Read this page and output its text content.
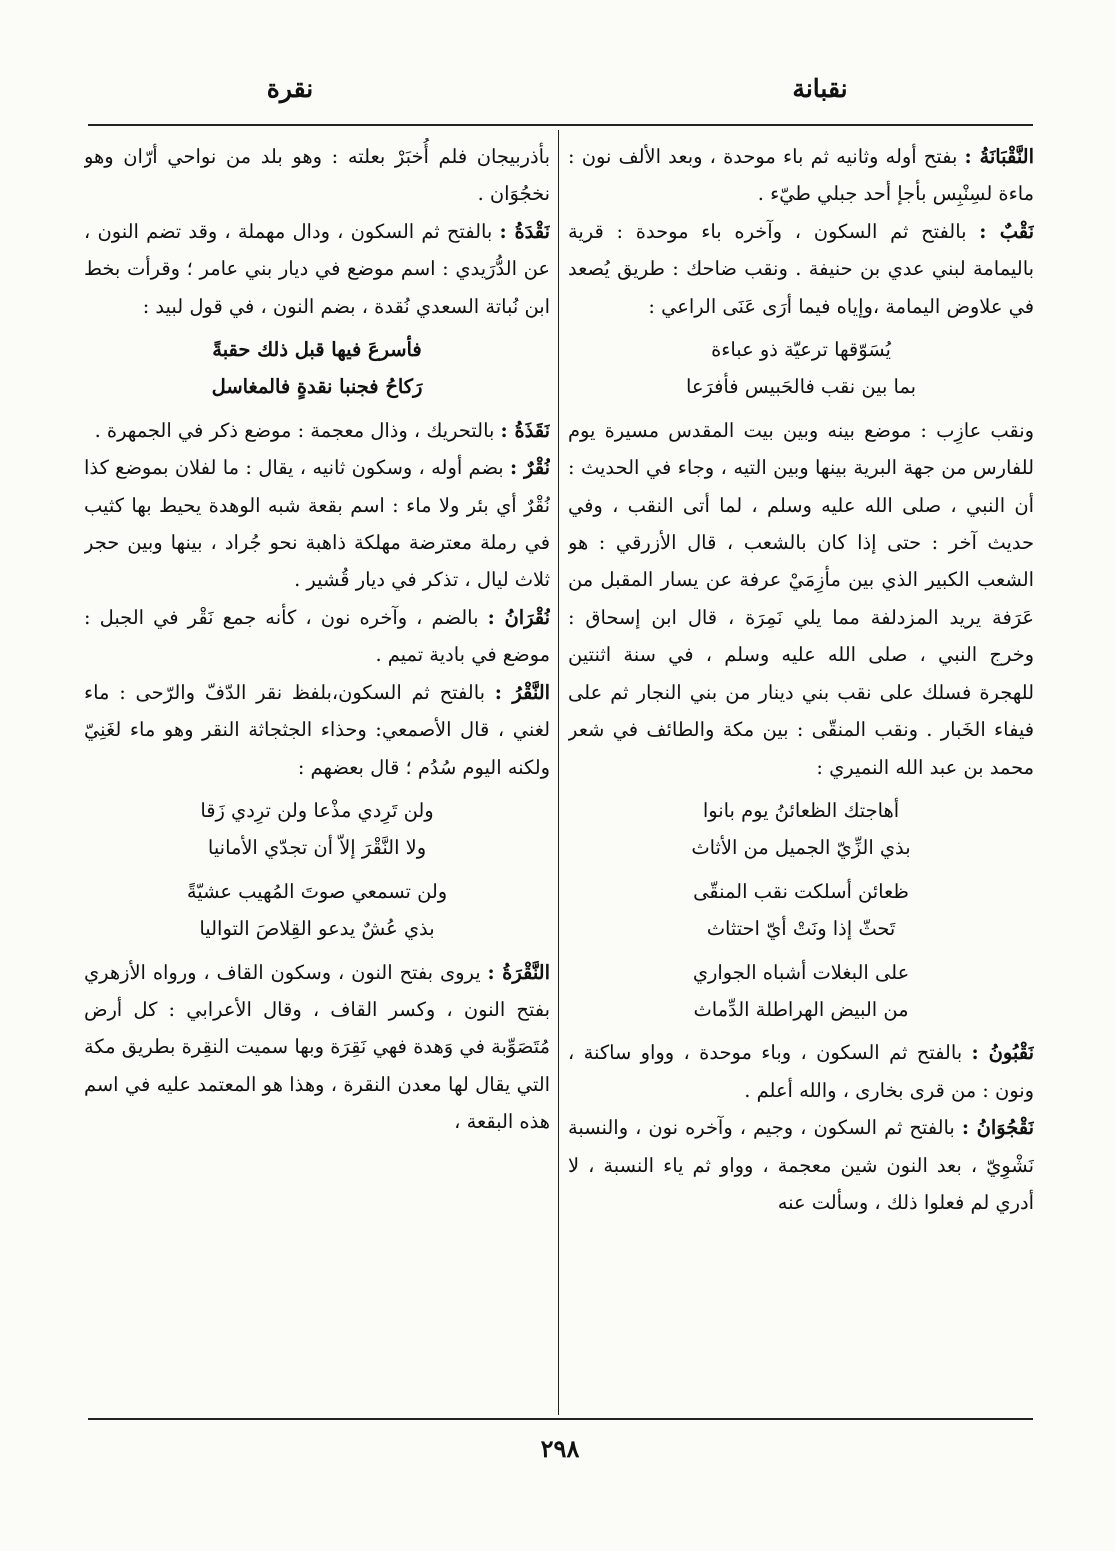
نقبانة
نقرة

النَّقْبَانَةُ : بفتح أوله وثانيه ثم باء موحدة ، وبعد الألف نون : ماءة لسِنْبِس بأجإ أحد جبلي طيّء .

نَقْبٌ : بالفتح ثم السكون ، وآخره باء موحدة : قرية باليمامة لبني عدي بن حنيفة . ونقب ضاحك : طريق يُصعد في علاوض اليمامة ،وإياه فيما أرَى عَنَى الراعي :

يُسَوّقها ترعيّة ذو عباءة
بما بين نقب فالحَبيس فأفرَعا

ونقب عازِب : موضع بينه وبين بيت المقدس مسيرة يوم للفارس من جهة البرية بينها وبين التيه ، وجاء في الحديث : أن النبي ، صلى الله عليه وسلم ، لما أتى النقب ، وفي حديث آخر : حتى إذا كان بالشعب ، قال الأزرقي : هو الشعب الكبير الذي بين مأزِمَيْ عرفة عن يسار المقبل من عَرَفة يريد المزدلفة مما يلي نَمِرَة ، قال ابن إسحاق : وخرج النبي ، صلى الله عليه وسلم ، في سنة اثنتين للهجرة فسلك على نقب بني دينار من بني النجار ثم على فيفاء الخَبار . ونقب المنقّى : بين مكة والطائف في شعر محمد بن عبد الله النميري :

أهاجتك الظعائنُ يوم بانوا
بذي الزِّيّ الجميل من الأثاث
ظعائن أسلكت نقب المنقّى
تَحثّ إذا ونَتْ أيّ احتثاث
على البغلات أشباه الجواري
من البيض الهراطلة الدِّماث

نَقْبُونُ : بالفتح ثم السكون ، وباء موحدة ، وواو ساكنة ، ونون : من قرى بخارى ، والله أعلم .

نَقْجُوَانُ : بالفتح ثم السكون ، وجيم ، وآخره نون ، والنسبة نَشْوِيّ ، بعد النون شين معجمة ، وواو ثم ياء النسبة ، لا أدري لم فعلوا ذلك ، وسألت عنه

بأذربيجان فلم أُخبَرْ بعلته : وهو بلد من نواحي أرّان وهو نخجُوَان .

نَقْدَةُ : بالفتح ثم السكون ، ودال مهملة ، وقد تضم النون ، عن الدُّرَيدي : اسم موضع في ديار بني عامر ؛ وقرأت بخط ابن نُباتة السعدي نُقدة ، بضم النون ، في قول لبيد :

فأسرعَ فيها قبل ذلك حقبةً
رَكاحُ فجنبا نقدةٍ فالمغاسل

نَقَذَةُ : بالتحريك ، وذال معجمة : موضع ذكر في الجمهرة .

نُقْرٌ : بضم أوله ، وسكون ثانيه ، يقال : ما لفلان بموضع كذا نُقْرٌ أي بئر ولا ماء : اسم بقعة شبه الوهدة يحيط بها كثيب في رملة معترضة مهلكة ذاهبة نحو جُراد ، بينها وبين حجر ثلاث ليال ، تذكر في ديار قُشير .

نُقْرَانُ : بالضم ، وآخره نون ، كأنه جمع نَقْر في الجبل : موضع في بادية تميم .

النَّقْرُ : بالفتح ثم السكون،بلفظ نقر الدّفّ والرّحى : ماء لغني ، قال الأصمعي: وحذاء الجثجاثة النقر وهو ماء لغَنِيّ ولكنه اليوم سُدُم ؛ قال بعضهم :

ولن تَرِدي مذْعا ولن ترِدي زَقا
ولا النَّقْرَ إلاّ أن تجدّي الأمانيا
ولن تسمعي صوتَ المُهيب عشيّةً
بذي عُشٌ يدعو القِلاصَ التواليا

النَّقْرَةُ : يروى بفتح النون ، وسكون القاف ، ورواه الأزهري بفتح النون ، وكسر القاف ، وقال الأعرابي : كل أرض مُتَصَوِّبة في وَهدة فهي نَقِرَة وبها سميت النقِرة بطريق مكة التي يقال لها معدن النقرة ، وهذا هو المعتمد عليه في اسم هذه البقعة ،

٢٩٨
